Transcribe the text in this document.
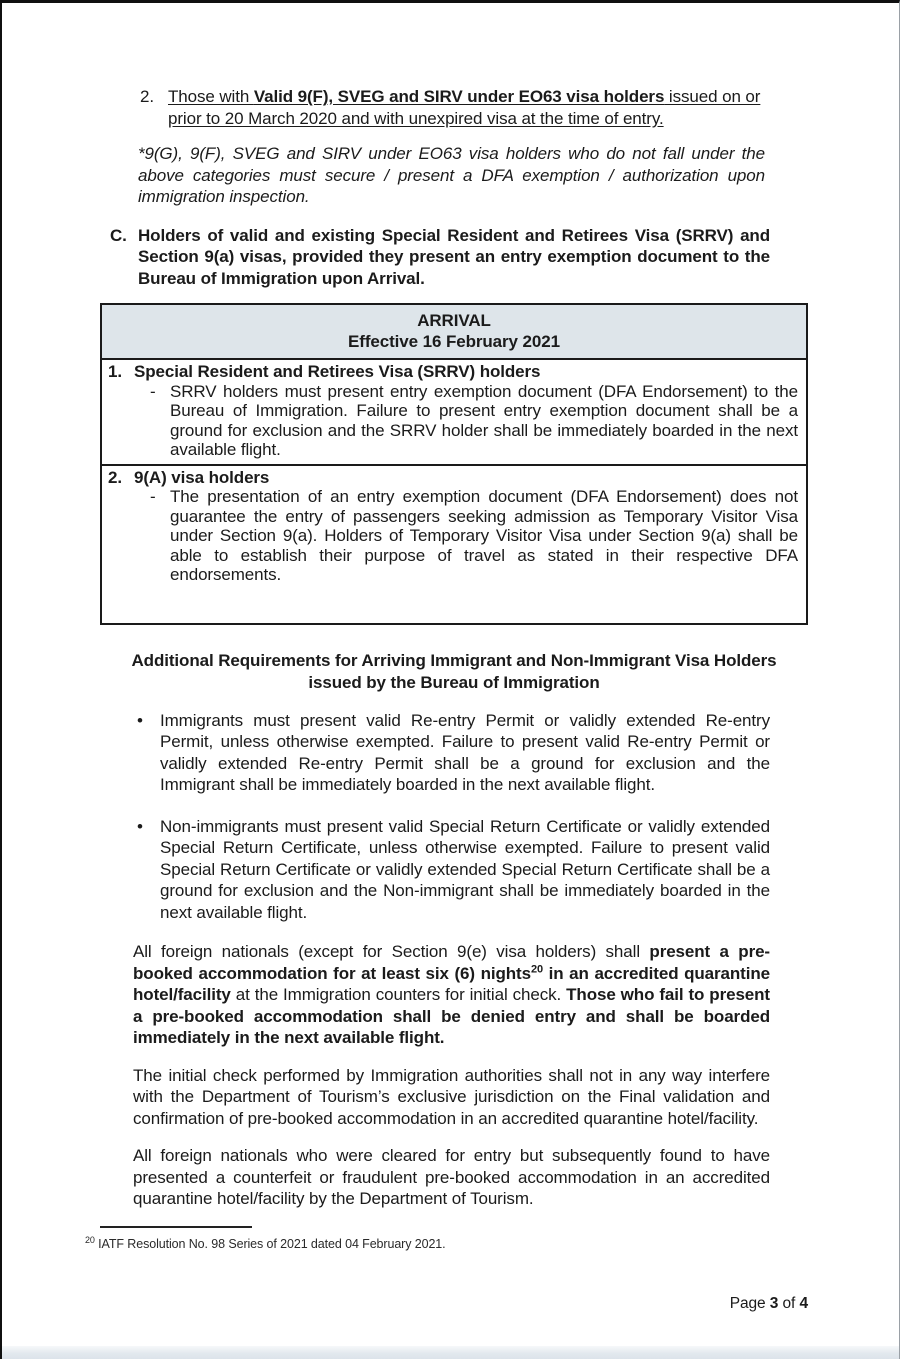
2. Those with Valid 9(F), SVEG and SIRV under EO63 visa holders issued on or prior to 20 March 2020 and with unexpired visa at the time of entry.
*9(G), 9(F), SVEG and SIRV under EO63 visa holders who do not fall under the above categories must secure / present a DFA exemption / authorization upon immigration inspection.
C. Holders of valid and existing Special Resident and Retirees Visa (SRRV) and Section 9(a) visas, provided they present an entry exemption document to the Bureau of Immigration upon Arrival.
ARRIVAL
Effective 16 February 2021
1. Special Resident and Retirees Visa (SRRV) holders
- SRRV holders must present entry exemption document (DFA Endorsement) to the Bureau of Immigration. Failure to present entry exemption document shall be a ground for exclusion and the SRRV holder shall be immediately boarded in the next available flight.
2. 9(A) visa holders
- The presentation of an entry exemption document (DFA Endorsement) does not guarantee the entry of passengers seeking admission as Temporary Visitor Visa under Section 9(a). Holders of Temporary Visitor Visa under Section 9(a) shall be able to establish their purpose of travel as stated in their respective DFA endorsements.
Additional Requirements for Arriving Immigrant and Non-Immigrant Visa Holders issued by the Bureau of Immigration
•	Immigrants must present valid Re-entry Permit or validly extended Re-entry Permit, unless otherwise exempted. Failure to present valid Re-entry Permit or validly extended Re-entry Permit shall be a ground for exclusion and the Immigrant shall be immediately boarded in the next available flight.
•	Non-immigrants must present valid Special Return Certificate or validly extended Special Return Certificate, unless otherwise exempted. Failure to present valid Special Return Certificate or validly extended Special Return Certificate shall be a ground for exclusion and the Non-immigrant shall be immediately boarded in the next available flight.
All foreign nationals (except for Section 9(e) visa holders) shall present a pre-booked accommodation for at least six (6) nights$^{20}$ in an accredited quarantine hotel/facility at the Immigration counters for initial check. Those who fail to present a pre-booked accommodation shall be denied entry and shall be boarded immediately in the next available flight.
The initial check performed by Immigration authorities shall not in any way interfere with the Department of Tourism’s exclusive jurisdiction on the Final validation and confirmation of pre-booked accommodation in an accredited quarantine hotel/facility.
All foreign nationals who were cleared for entry but subsequently found to have presented a counterfeit or fraudulent pre-booked accommodation in an accredited quarantine hotel/facility by the Department of Tourism.
$^{20}$ IATF Resolution No. 98 Series of 2021 dated 04 February 2021.

Page 3 of 4
